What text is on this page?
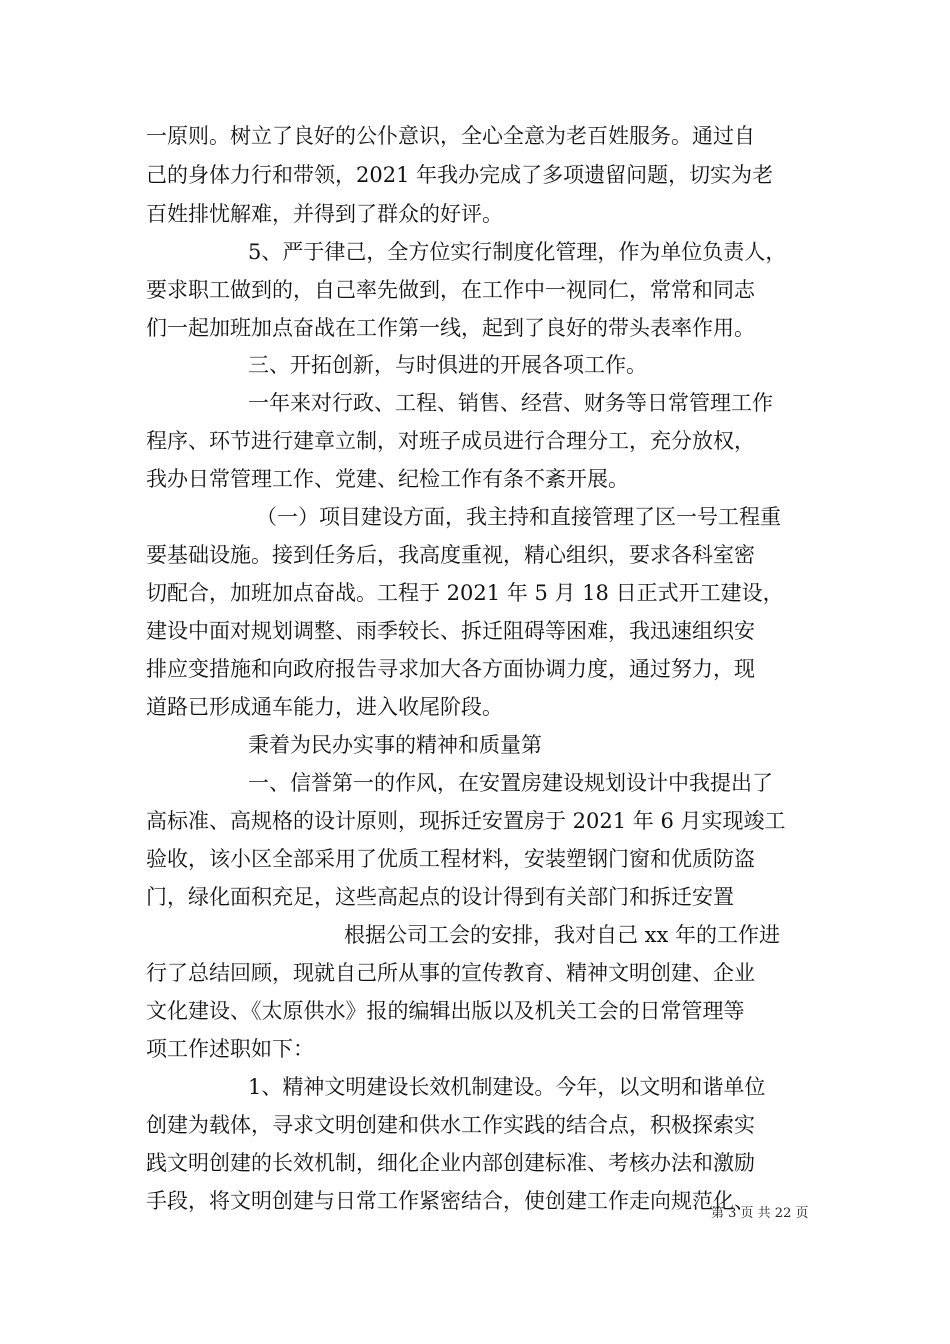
一原则。树立了良好的公仆意识，全心全意为老百姓服务。通过自
己的身体力行和带领，2021 年我办完成了多项遗留问题，切实为老
百姓排忧解难，并得到了群众的好评。
5、严于律己，全方位实行制度化管理，作为单位负责人，
要求职工做到的，自己率先做到，在工作中一视同仁，常常和同志
们一起加班加点奋战在工作第一线，起到了良好的带头表率作用。
三、开拓创新，与时俱进的开展各项工作。
一年来对行政、工程、销售、经营、财务等日常管理工作
程序、环节进行建章立制，对班子成员进行合理分工，充分放权，
我办日常管理工作、党建、纪检工作有条不紊开展。
（一）项目建设方面，我主持和直接管理了区一号工程重
要基础设施。接到任务后，我高度重视，精心组织，要求各科室密
切配合，加班加点奋战。工程于 2021 年 5 月 18 日正式开工建设，
建设中面对规划调整、雨季较长、拆迁阻碍等困难，我迅速组织安
排应变措施和向政府报告寻求加大各方面协调力度，通过努力，现
道路已形成通车能力，进入收尾阶段。
秉着为民办实事的精神和质量第
一、信誉第一的作风，在安置房建设规划设计中我提出了
高标准、高规格的设计原则，现拆迁安置房于 2021 年 6 月实现竣工
验收，该小区全部采用了优质工程材料，安装塑钢门窗和优质防盗
门，绿化面积充足，这些高起点的设计得到有关部门和拆迁安置
根据公司工会的安排，我对自己 xx 年的工作进
行了总结回顾，现就自己所从事的宣传教育、精神文明创建、企业
文化建设、《太原供水》报的编辑出版以及机关工会的日常管理等
项工作述职如下：
1、精神文明建设长效机制建设。今年，以文明和谐单位
创建为载体，寻求文明创建和供水工作实践的结合点，积极探索实
践文明创建的长效机制，细化企业内部创建标准、考核办法和激励
手段，将文明创建与日常工作紧密结合，使创建工作走向规范化、
第 3 页 共 22 页
